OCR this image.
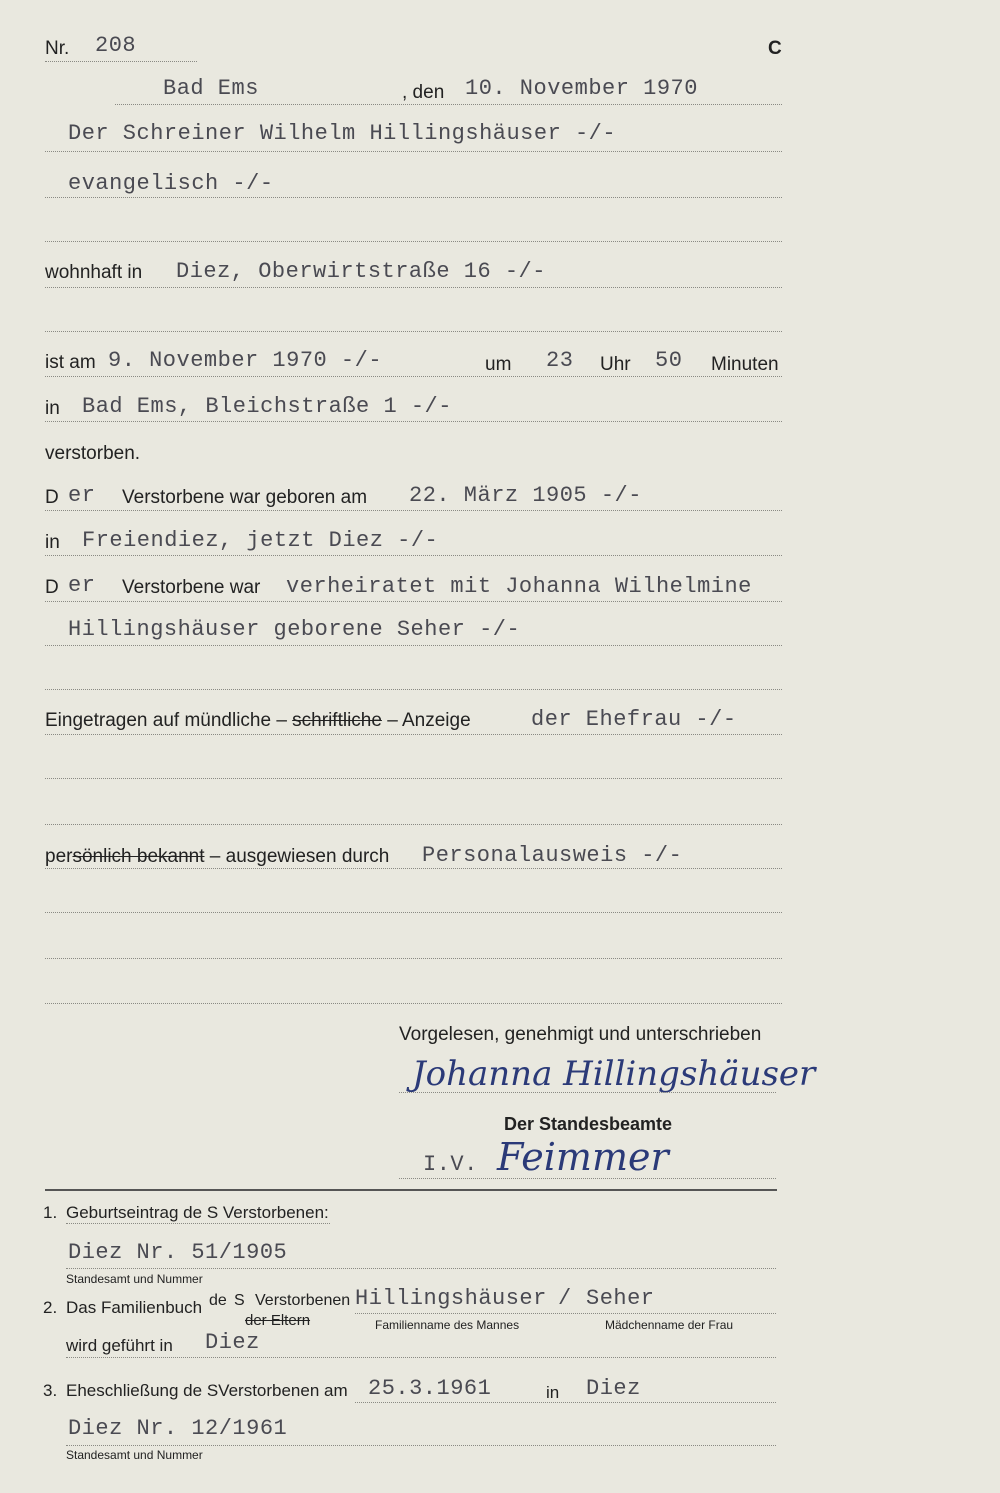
Nr. 208	C
Bad Ems	, den 10. November 1970
Der Schreiner Wilhelm Hillingshäuser -/-
evangelisch -/-
wohnhaft in Diez, Oberwirtstraße 16 -/-
ist am 9. November 1970 -/-	um 23 Uhr 50 Minuten
in Bad Ems, Bleichstraße 1 -/-
verstorben.
D er Verstorbene war geboren am 22. März 1905 -/-
in Freiendiez, jetzt Diez -/-
D er Verstorbene war verheiratet mit Johanna Wilhelmine
Hillingshäuser geborene Seher -/-
Eingetragen auf mündliche – schriftliche – Anzeige	der Ehefrau -/-
persönlich bekannt – ausgewiesen durch Personalausweis -/-
Vorgelesen, genehmigt und unterschrieben
Johanna Hillingshäuser
Der Standesbeamte
I.V. Feimmer
1. Geburtseintrag de S Verstorbenen:
Diez Nr. 51/1905
Standesamt und Nummer
2. Das Familienbuch de S Verstorbenen
der Eltern
Hillingshäuser / Seher
Familienname des Mannes	Mädchenname der Frau
wird geführt in Diez
3. Eheschließung de SVerstorbenen am 25.3.1961	in Diez
Diez Nr. 12/1961
Standesamt und Nummer
